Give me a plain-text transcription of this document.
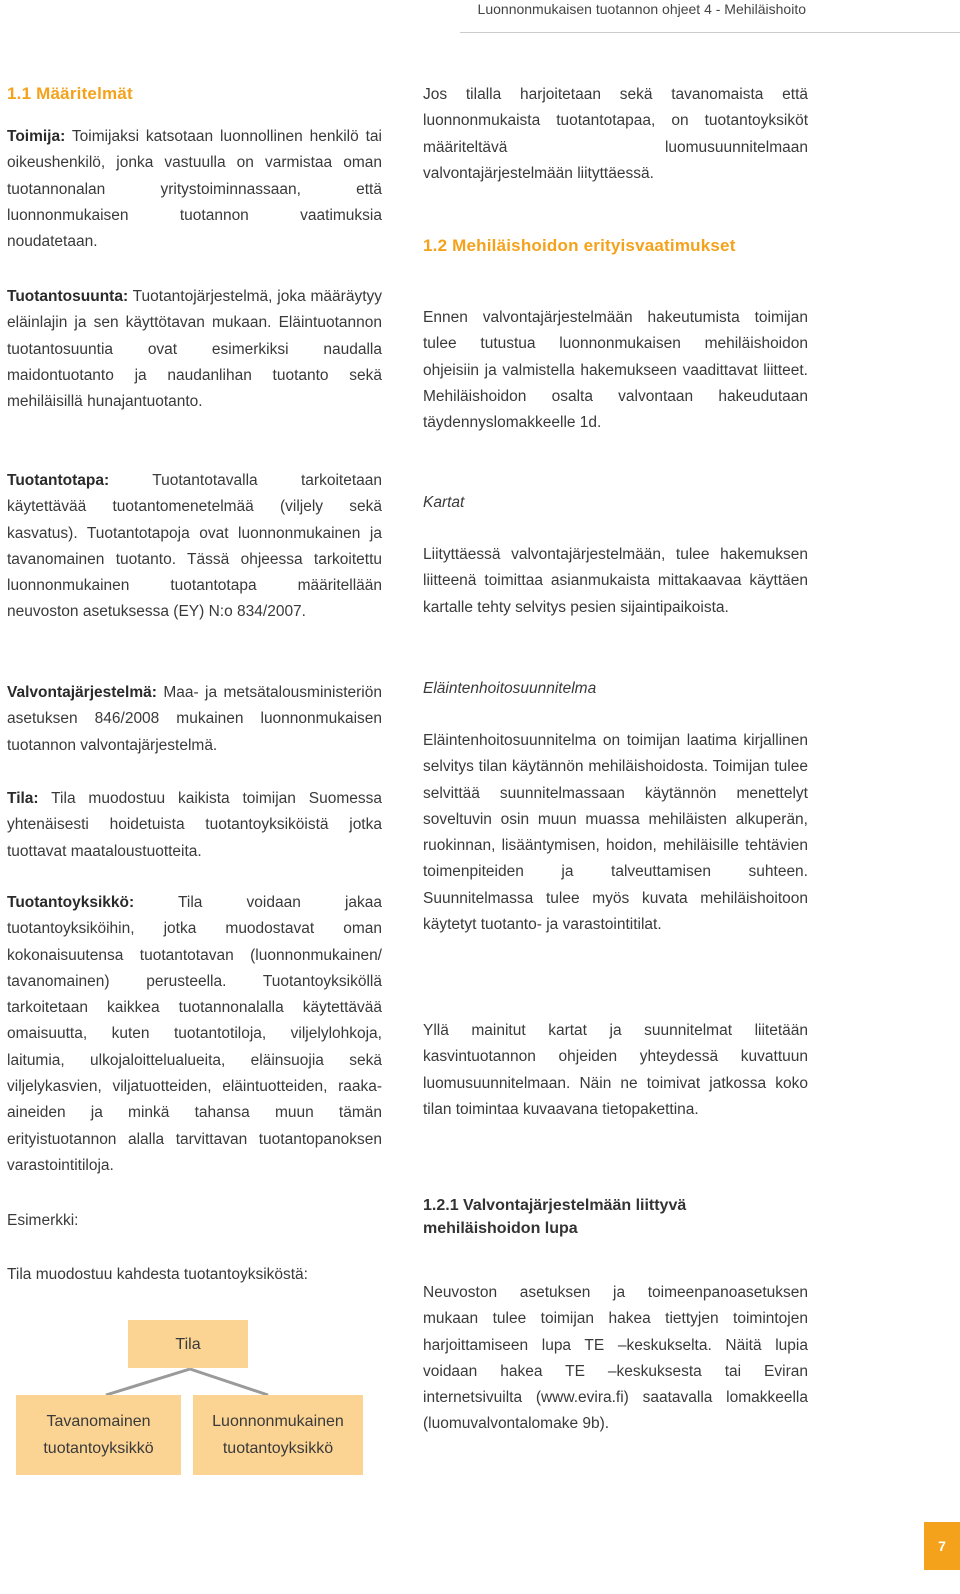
Luonnonmukaisen tuotannon ohjeet 4 - Mehiläishoito
1.1 Määritelmät

Toimija: Toimijaksi katsotaan luonnollinen henkilö tai oikeushenkilö, jonka vastuulla on varmistaa oman tuotannonalan yritystoiminnassaan, että luonnonmukaisen tuotannon vaatimuksia noudatetaan.

Tuotantosuunta: Tuotantojärjestelmä, joka määräytyy eläinlajin ja sen käyttötavan mukaan. Eläintuotannon tuotantosuuntia ovat esimerkiksi naudalla maidontuotanto ja naudanlihan tuotanto sekä mehiläisillä hunajantuotanto.

Tuotantotapa: Tuotantotavalla tarkoitetaan käytettävää tuotantomenetelmää (viljely sekä kasvatus). Tuotantotapoja ovat luonnonmukainen ja tavanomainen tuotanto. Tässä ohjeessa tarkoitettu luonnonmukainen tuotantotapa määritellään neuvoston asetuksessa (EY) N:o 834/2007.

Valvontajärjestelmä: Maa- ja metsätalousministeriön asetuksen 846/2008 mukainen luonnonmukaisen tuotannon valvontajärjestelmä.

Tila: Tila muodostuu kaikista toimijan Suomessa yhtenäisesti hoidetuista tuotantoyksiköistä jotka tuottavat maataloustuotteita.

Tuotantoyksikkö: Tila voidaan jakaa tuotantoyksiköihin, jotka muodostavat oman kokonaisuutensa tuotantotavan (luonnonmukainen/ tavanomainen) perusteella. Tuotantoyksiköllä tarkoitetaan kaikkea tuotannonalalla käytettävää omaisuutta, kuten tuotantotiloja, viljelylohkoja, laitumia, ulkojaloittelualueita, eläinsuojia sekä viljelykasvien, viljatuotteiden, eläintuotteiden, raaka-aineiden ja minkä tahansa muun tämän erityistuotannon alalla tarvittavan tuotantopanoksen varastointitiloja.

Esimerkki:

Tila muodostuu kahdesta tuotantoyksiköstä:

Tila
Tavanomainen
tuotantoyksikkö
Luonnonmukainen
tuotantoyksikkö

Jos tilalla harjoitetaan sekä tavanomaista että luonnonmukaista tuotantotapaa, on tuotantoyksiköt määriteltävä luomusuunnitelmaan valvontajärjestelmään liityttäessä.

1.2 Mehiläishoidon erityisvaatimukset

Ennen valvontajärjestelmään hakeutumista toimijan tulee tutustua luonnonmukaisen mehiläishoidon ohjeisiin ja valmistella hakemukseen vaadittavat liitteet. Mehiläishoidon osalta valvontaan hakeudutaan täydennyslomakkeelle 1d.

Kartat

Liityttäessä valvontajärjestelmään, tulee hakemuksen liitteenä toimittaa asianmukaista mittakaavaa käyttäen kartalle tehty selvitys pesien sijaintipaikoista.

Eläintenhoitosuunnitelma

Eläintenhoitosuunnitelma on toimijan laatima kirjallinen selvitys tilan käytännön mehiläishoidosta. Toimijan tulee selvittää suunnitelmassaan käytännön menettelyt soveltuvin osin muun muassa mehiläisten alkuperän, ruokinnan, lisääntymisen, hoidon, mehiläisille tehtävien toimenpiteiden ja talveuttamisen suhteen. Suunnitelmassa tulee myös kuvata mehiläishoitoon käytetyt tuotanto- ja varastointitilat.

Yllä mainitut kartat ja suunnitelmat liitetään kasvintuotannon ohjeiden yhteydessä kuvattuun luomusuunnitelmaan. Näin ne toimivat jatkossa koko tilan toimintaa kuvaavana tietopakettina.

1.2.1 Valvontajärjestelmään liittyvä mehiläishoidon lupa

Neuvoston asetuksen ja toimeenpanoasetuksen mukaan tulee toimijan hakea tiettyjen toimintojen harjoittamiseen lupa TE –keskukselta. Näitä lupia voidaan hakea TE –keskuksesta tai Eviran internetsivuilta (www.evira.fi) saatavalla lomakkeella (luomuvalvontalomake 9b).

7
